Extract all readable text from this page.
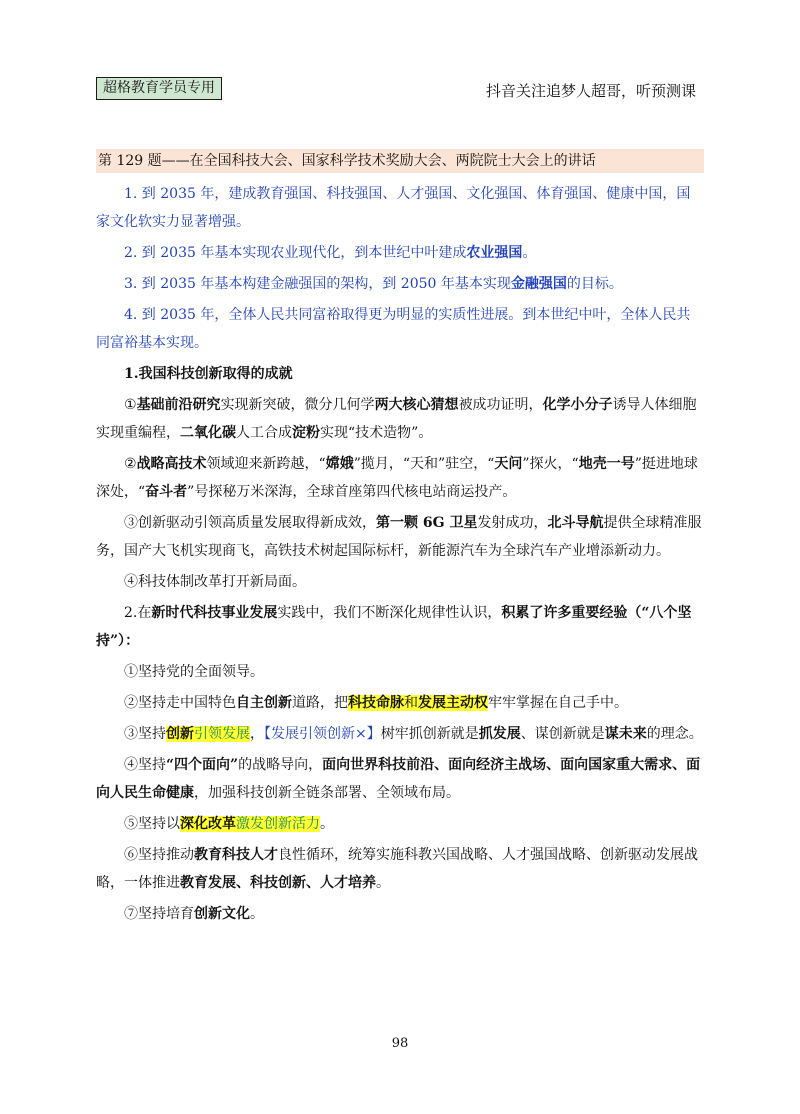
超格教育学员专用	抖音关注追梦人超哥，听预测课
第 129 题——在全国科技大会、国家科学技术奖励大会、两院院士大会上的讲话

1. 到 2035 年，建成教育强国、科技强国、人才强国、文化强国、体育强国、健康中国，国家文化软实力显著增强。

2. 到 2035 年基本实现农业现代化，到本世纪中叶建成农业强国。

3. 到 2035 年基本构建金融强国的架构，到 2050 年基本实现金融强国的目标。

4. 到 2035 年，全体人民共同富裕取得更为明显的实质性进展。到本世纪中叶，全体人民共同富裕基本实现。

1.我国科技创新取得的成就

①基础前沿研究实现新突破，微分几何学两大核心猜想被成功证明，化学小分子诱导人体细胞实现重编程，二氧化碳人工合成淀粉实现“技术造物”。

②战略高技术领域迎来新跨越，“嫦娥”揽月，“天和”驻空，“天问”探火，“地壳一号”挺进地球深处，“奋斗者”号探秘万米深海，全球首座第四代核电站商运投产。

③创新驱动引领高质量发展取得新成效，第一颗 6G 卫星发射成功，北斗导航提供全球精准服务，国产大飞机实现商飞，高铁技术树起国际标杆，新能源汽车为全球汽车产业增添新动力。

④科技体制改革打开新局面。

2.在新时代科技事业发展实践中，我们不断深化规律性认识，积累了许多重要经验（“八个坚持”）：

①坚持党的全面领导。

②坚持走中国特色自主创新道路，把科技命脉和发展主动权牢牢掌握在自己手中。

③坚持创新引领发展，【发展引领创新×】树牢抓创新就是抓发展、谋创新就是谋未来的理念。

④坚持“四个面向”的战略导向，面向世界科技前沿、面向经济主战场、面向国家重大需求、面向人民生命健康，加强科技创新全链条部署、全领域布局。

⑤坚持以深化改革激发创新活力。

⑥坚持推动教育科技人才良性循环，统筹实施科教兴国战略、人才强国战略、创新驱动发展战略，一体推进教育发展、科技创新、人才培养。

⑦坚持培育创新文化。

98
